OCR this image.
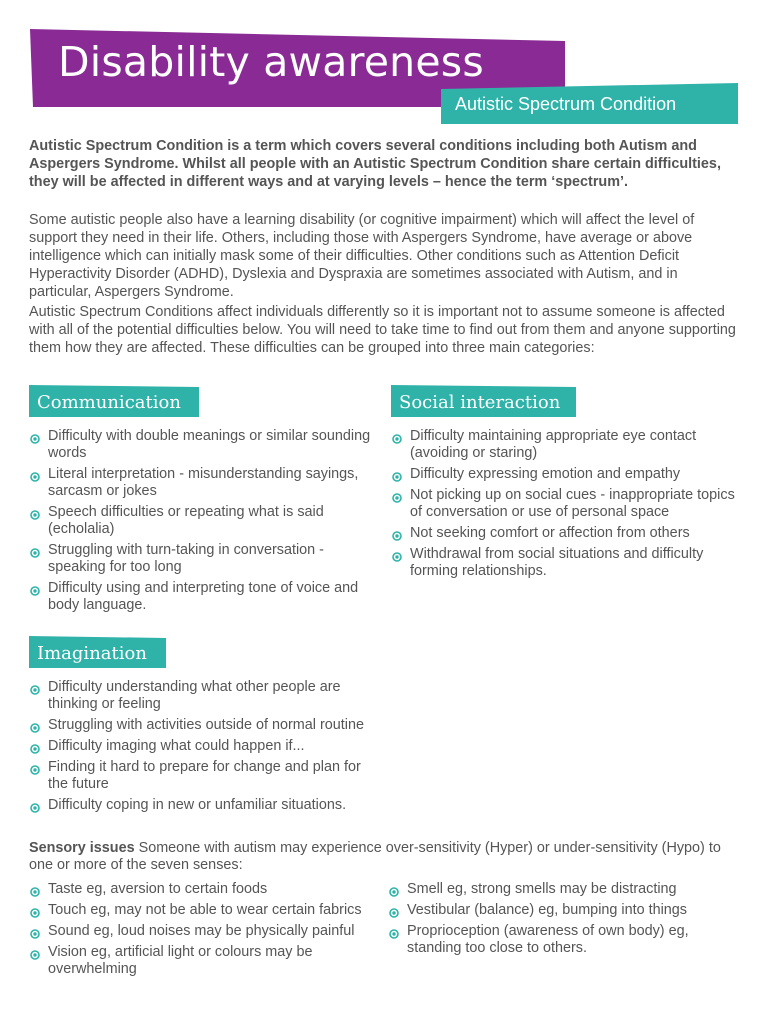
Disability awareness
Autistic Spectrum Condition

Autistic Spectrum Condition is a term which covers several conditions including both Autism and Aspergers Syndrome. Whilst all people with an Autistic Spectrum Condition share certain difficulties, they will be affected in different ways and at varying levels – hence the term ‘spectrum’.

Some autistic people also have a learning disability (or cognitive impairment) which will affect the level of support they need in their life. Others, including those with Aspergers Syndrome, have average or above intelligence which can initially mask some of their difficulties. Other conditions such as Attention Deficit Hyperactivity Disorder (ADHD), Dyslexia and Dyspraxia are sometimes associated with Autism, and in particular, Aspergers Syndrome.

Autistic Spectrum Conditions affect individuals differently so it is important not to assume someone is affected with all of the potential difficulties below. You will need to take time to find out from them and anyone supporting them how they are affected. These difficulties can be grouped into three main categories:

Communication
Difficulty with double meanings or similar sounding words
Literal interpretation - misunderstanding sayings, sarcasm or jokes
Speech difficulties or repeating what is said (echolalia)
Struggling with turn-taking in conversation - speaking for too long
Difficulty using and interpreting tone of voice and body language.
Social interaction
Difficulty maintaining appropriate eye contact (avoiding or staring)
Difficulty expressing emotion and empathy
Not picking up on social cues - inappropriate topics of conversation or use of personal space
Not seeking comfort or affection from others
Withdrawal from social situations and difficulty forming relationships.
Imagination
Difficulty understanding what other people are thinking or feeling
Struggling with activities outside of normal routine
Difficulty imaging what could happen if...
Finding it hard to prepare for change and plan for the future
Difficulty coping in new or unfamiliar situations.

Sensory issues Someone with autism may experience over-sensitivity (Hyper) or under-sensitivity (Hypo) to one or more of the seven senses:

Taste eg, aversion to certain foods
Touch eg, may not be able to wear certain fabrics
Sound eg, loud noises may be physically painful
Vision eg, artificial light or colours may be overwhelming
Smell eg, strong smells may be distracting
Vestibular (balance) eg, bumping into things
Proprioception (awareness of own body) eg, standing too close to others.
